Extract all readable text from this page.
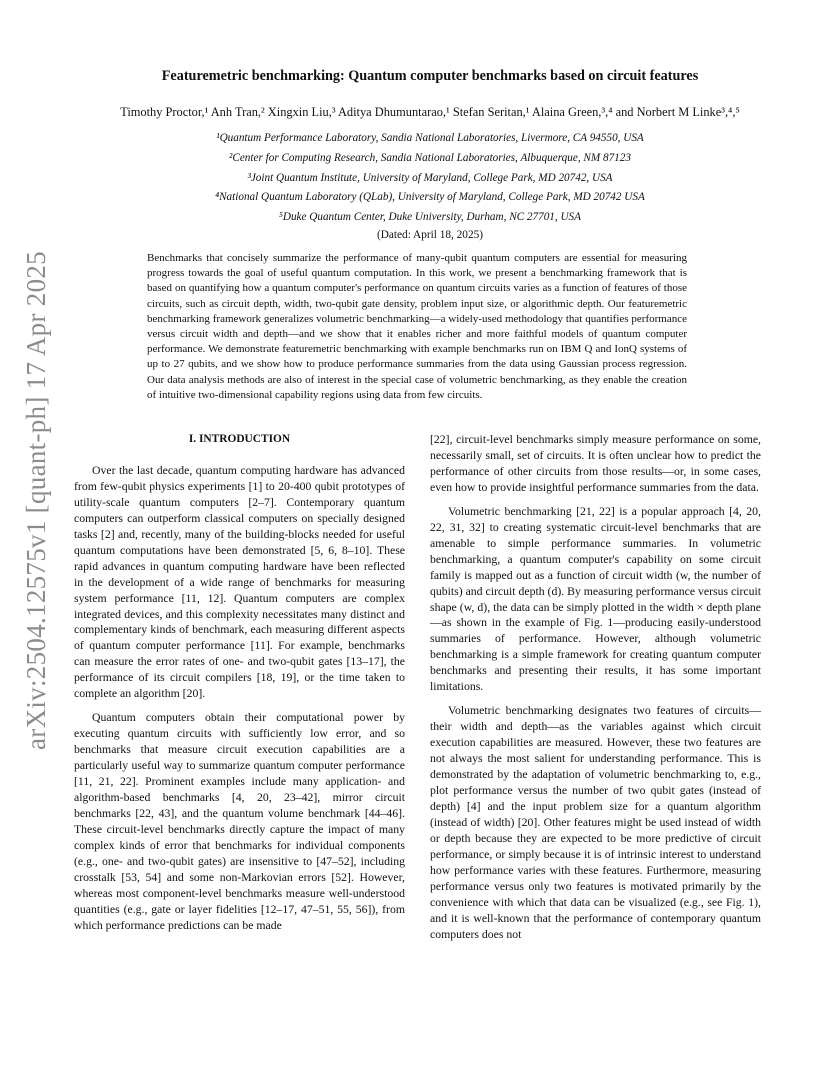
arXiv:2504.12575v1 [quant-ph] 17 Apr 2025
Featuremetric benchmarking: Quantum computer benchmarks based on circuit features
Timothy Proctor,¹ Anh Tran,² Xingxin Liu,³ Aditya Dhumuntarao,¹ Stefan Seritan,¹ Alaina Green,³,⁴ and Norbert M Linke³,⁴,⁵
¹Quantum Performance Laboratory, Sandia National Laboratories, Livermore, CA 94550, USA
²Center for Computing Research, Sandia National Laboratories, Albuquerque, NM 87123
³Joint Quantum Institute, University of Maryland, College Park, MD 20742, USA
⁴National Quantum Laboratory (QLab), University of Maryland, College Park, MD 20742 USA
⁵Duke Quantum Center, Duke University, Durham, NC 27701, USA
(Dated: April 18, 2025)
Benchmarks that concisely summarize the performance of many-qubit quantum computers are essential for measuring progress towards the goal of useful quantum computation. In this work, we present a benchmarking framework that is based on quantifying how a quantum computer's performance on quantum circuits varies as a function of features of those circuits, such as circuit depth, width, two-qubit gate density, problem input size, or algorithmic depth. Our featuremetric benchmarking framework generalizes volumetric benchmarking—a widely-used methodology that quantifies performance versus circuit width and depth—and we show that it enables richer and more faithful models of quantum computer performance. We demonstrate featuremetric benchmarking with example benchmarks run on IBM Q and IonQ systems of up to 27 qubits, and we show how to produce performance summaries from the data using Gaussian process regression. Our data analysis methods are also of interest in the special case of volumetric benchmarking, as they enable the creation of intuitive two-dimensional capability regions using data from few circuits.
I. INTRODUCTION

Over the last decade, quantum computing hardware has advanced from few-qubit physics experiments [1] to 20-400 qubit prototypes of utility-scale quantum computers [2–7]. Contemporary quantum computers can outperform classical computers on specially designed tasks [2] and, recently, many of the building-blocks needed for useful quantum computations have been demonstrated [5, 6, 8–10]. These rapid advances in quantum computing hardware have been reflected in the development of a wide range of benchmarks for measuring system performance [11, 12]. Quantum computers are complex integrated devices, and this complexity necessitates many distinct and complementary kinds of benchmark, each measuring different aspects of quantum computer performance [11]. For example, benchmarks can measure the error rates of one- and two-qubit gates [13–17], the performance of its circuit compilers [18, 19], or the time taken to complete an algorithm [20].

Quantum computers obtain their computational power by executing quantum circuits with sufficiently low error, and so benchmarks that measure circuit execution capabilities are a particularly useful way to summarize quantum computer performance [11, 21, 22]. Prominent examples include many application- and algorithm-based benchmarks [4, 20, 23–42], mirror circuit benchmarks [22, 43], and the quantum volume benchmark [44–46]. These circuit-level benchmarks directly capture the impact of many complex kinds of error that benchmarks for individual components (e.g., one- and two-qubit gates) are insensitive to [47–52], including crosstalk [53, 54] and some non-Markovian errors [52]. However, whereas most component-level benchmarks measure well-understood quantities (e.g., gate or layer fidelities [12–17, 47–51, 55, 56]), from which performance predictions can be made

[22], circuit-level benchmarks simply measure performance on some, necessarily small, set of circuits. It is often unclear how to predict the performance of other circuits from those results—or, in some cases, even how to provide insightful performance summaries from the data.

Volumetric benchmarking [21, 22] is a popular approach [4, 20, 22, 31, 32] to creating systematic circuit-level benchmarks that are amenable to simple performance summaries. In volumetric benchmarking, a quantum computer's capability on some circuit family is mapped out as a function of circuit width (w, the number of qubits) and circuit depth (d). By measuring performance versus circuit shape (w, d), the data can be simply plotted in the width × depth plane—as shown in the example of Fig. 1—producing easily-understood summaries of performance. However, although volumetric benchmarking is a simple framework for creating quantum computer benchmarks and presenting their results, it has some important limitations.

Volumetric benchmarking designates two features of circuits—their width and depth—as the variables against which circuit execution capabilities are measured. However, these two features are not always the most salient for understanding performance. This is demonstrated by the adaptation of volumetric benchmarking to, e.g., plot performance versus the number of two qubit gates (instead of depth) [4] and the input problem size for a quantum algorithm (instead of width) [20]. Other features might be used instead of width or depth because they are expected to be more predictive of circuit performance, or simply because it is of intrinsic interest to understand how performance varies with these features. Furthermore, measuring performance versus only two features is motivated primarily by the convenience with which that data can be visualized (e.g., see Fig. 1), and it is well-known that the performance of contemporary quantum computers does not
